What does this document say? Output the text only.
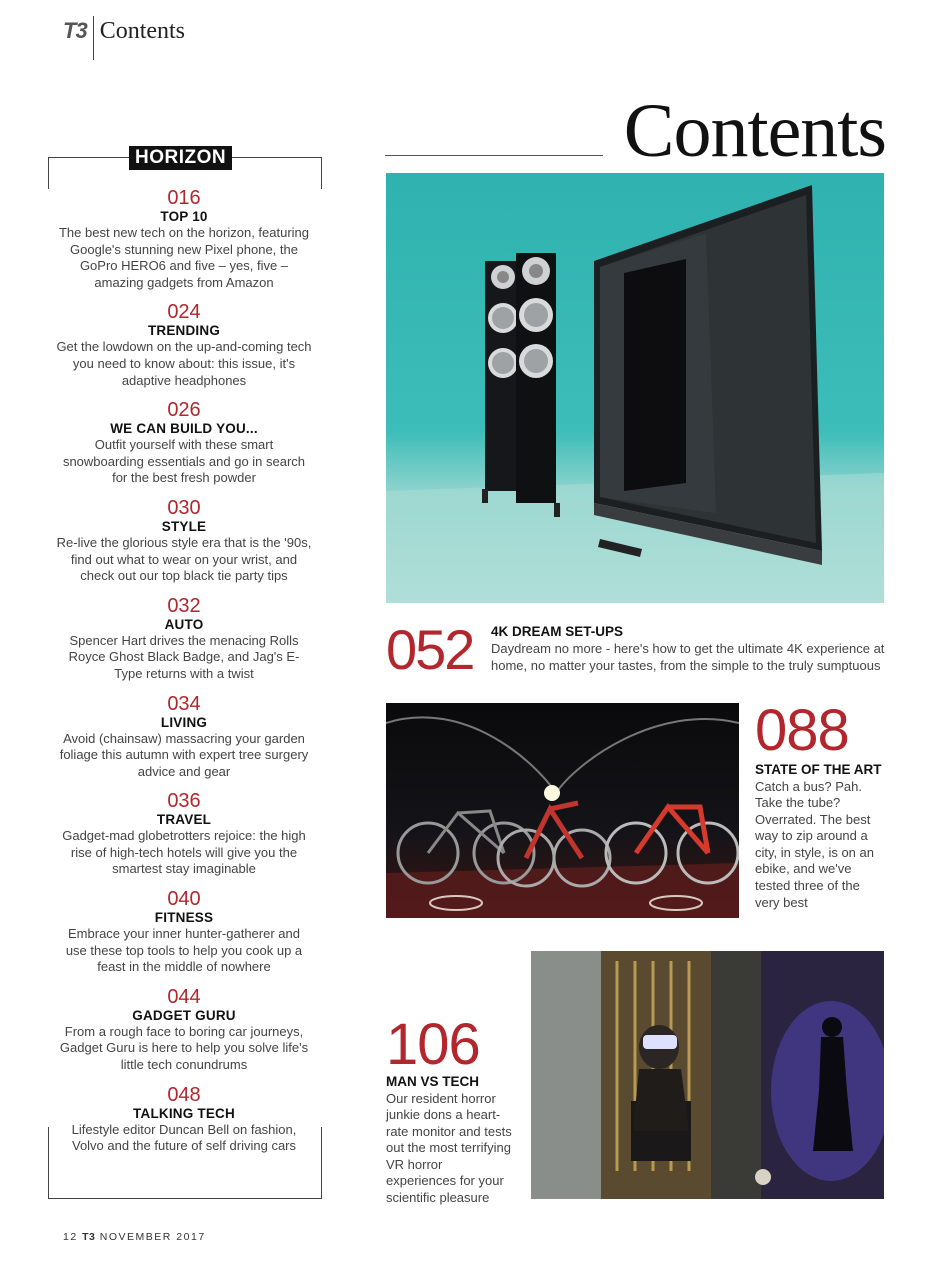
T3 Contents
Contents
HORIZON
016
TOP 10
The best new tech on the horizon, featuring Google's stunning new Pixel phone, the GoPro HERO6 and five – yes, five – amazing gadgets from Amazon
024
TRENDING
Get the lowdown on the up-and-coming tech you need to know about: this issue, it's adaptive headphones
026
WE CAN BUILD YOU...
Outfit yourself with these smart snowboarding essentials and go in search for the best fresh powder
030
STYLE
Re-live the glorious style era that is the '90s, find out what to wear on your wrist, and check out our top black tie party tips
032
AUTO
Spencer Hart drives the menacing Rolls Royce Ghost Black Badge, and Jag's E-Type returns with a twist
034
LIVING
Avoid (chainsaw) massacring your garden foliage this autumn with expert tree surgery advice and gear
036
TRAVEL
Gadget-mad globetrotters rejoice: the high rise of high-tech hotels will give you the smartest stay imaginable
040
FITNESS
Embrace your inner hunter-gatherer and use these top tools to help you cook up a feast in the middle of nowhere
044
GADGET GURU
From a rough face to boring car journeys, Gadget Guru is here to help you solve life's little tech conundrums
048
TALKING TECH
Lifestyle editor Duncan Bell on fashion, Volvo and the future of self driving cars
052 4K DREAM SET-UPS
Daydream no more - here's how to get the ultimate 4K experience at home, no matter your tastes, from the simple to the truly sumptuous
088
STATE OF THE ART
Catch a bus? Pah. Take the tube? Overrated. The best way to zip around a city, in style, is on an ebike, and we've tested three of the very best
106
MAN VS TECH
Our resident horror junkie dons a heart-rate monitor and tests out the most terrifying VR horror experiences for your scientific pleasure
12 T3 NOVEMBER 2017
